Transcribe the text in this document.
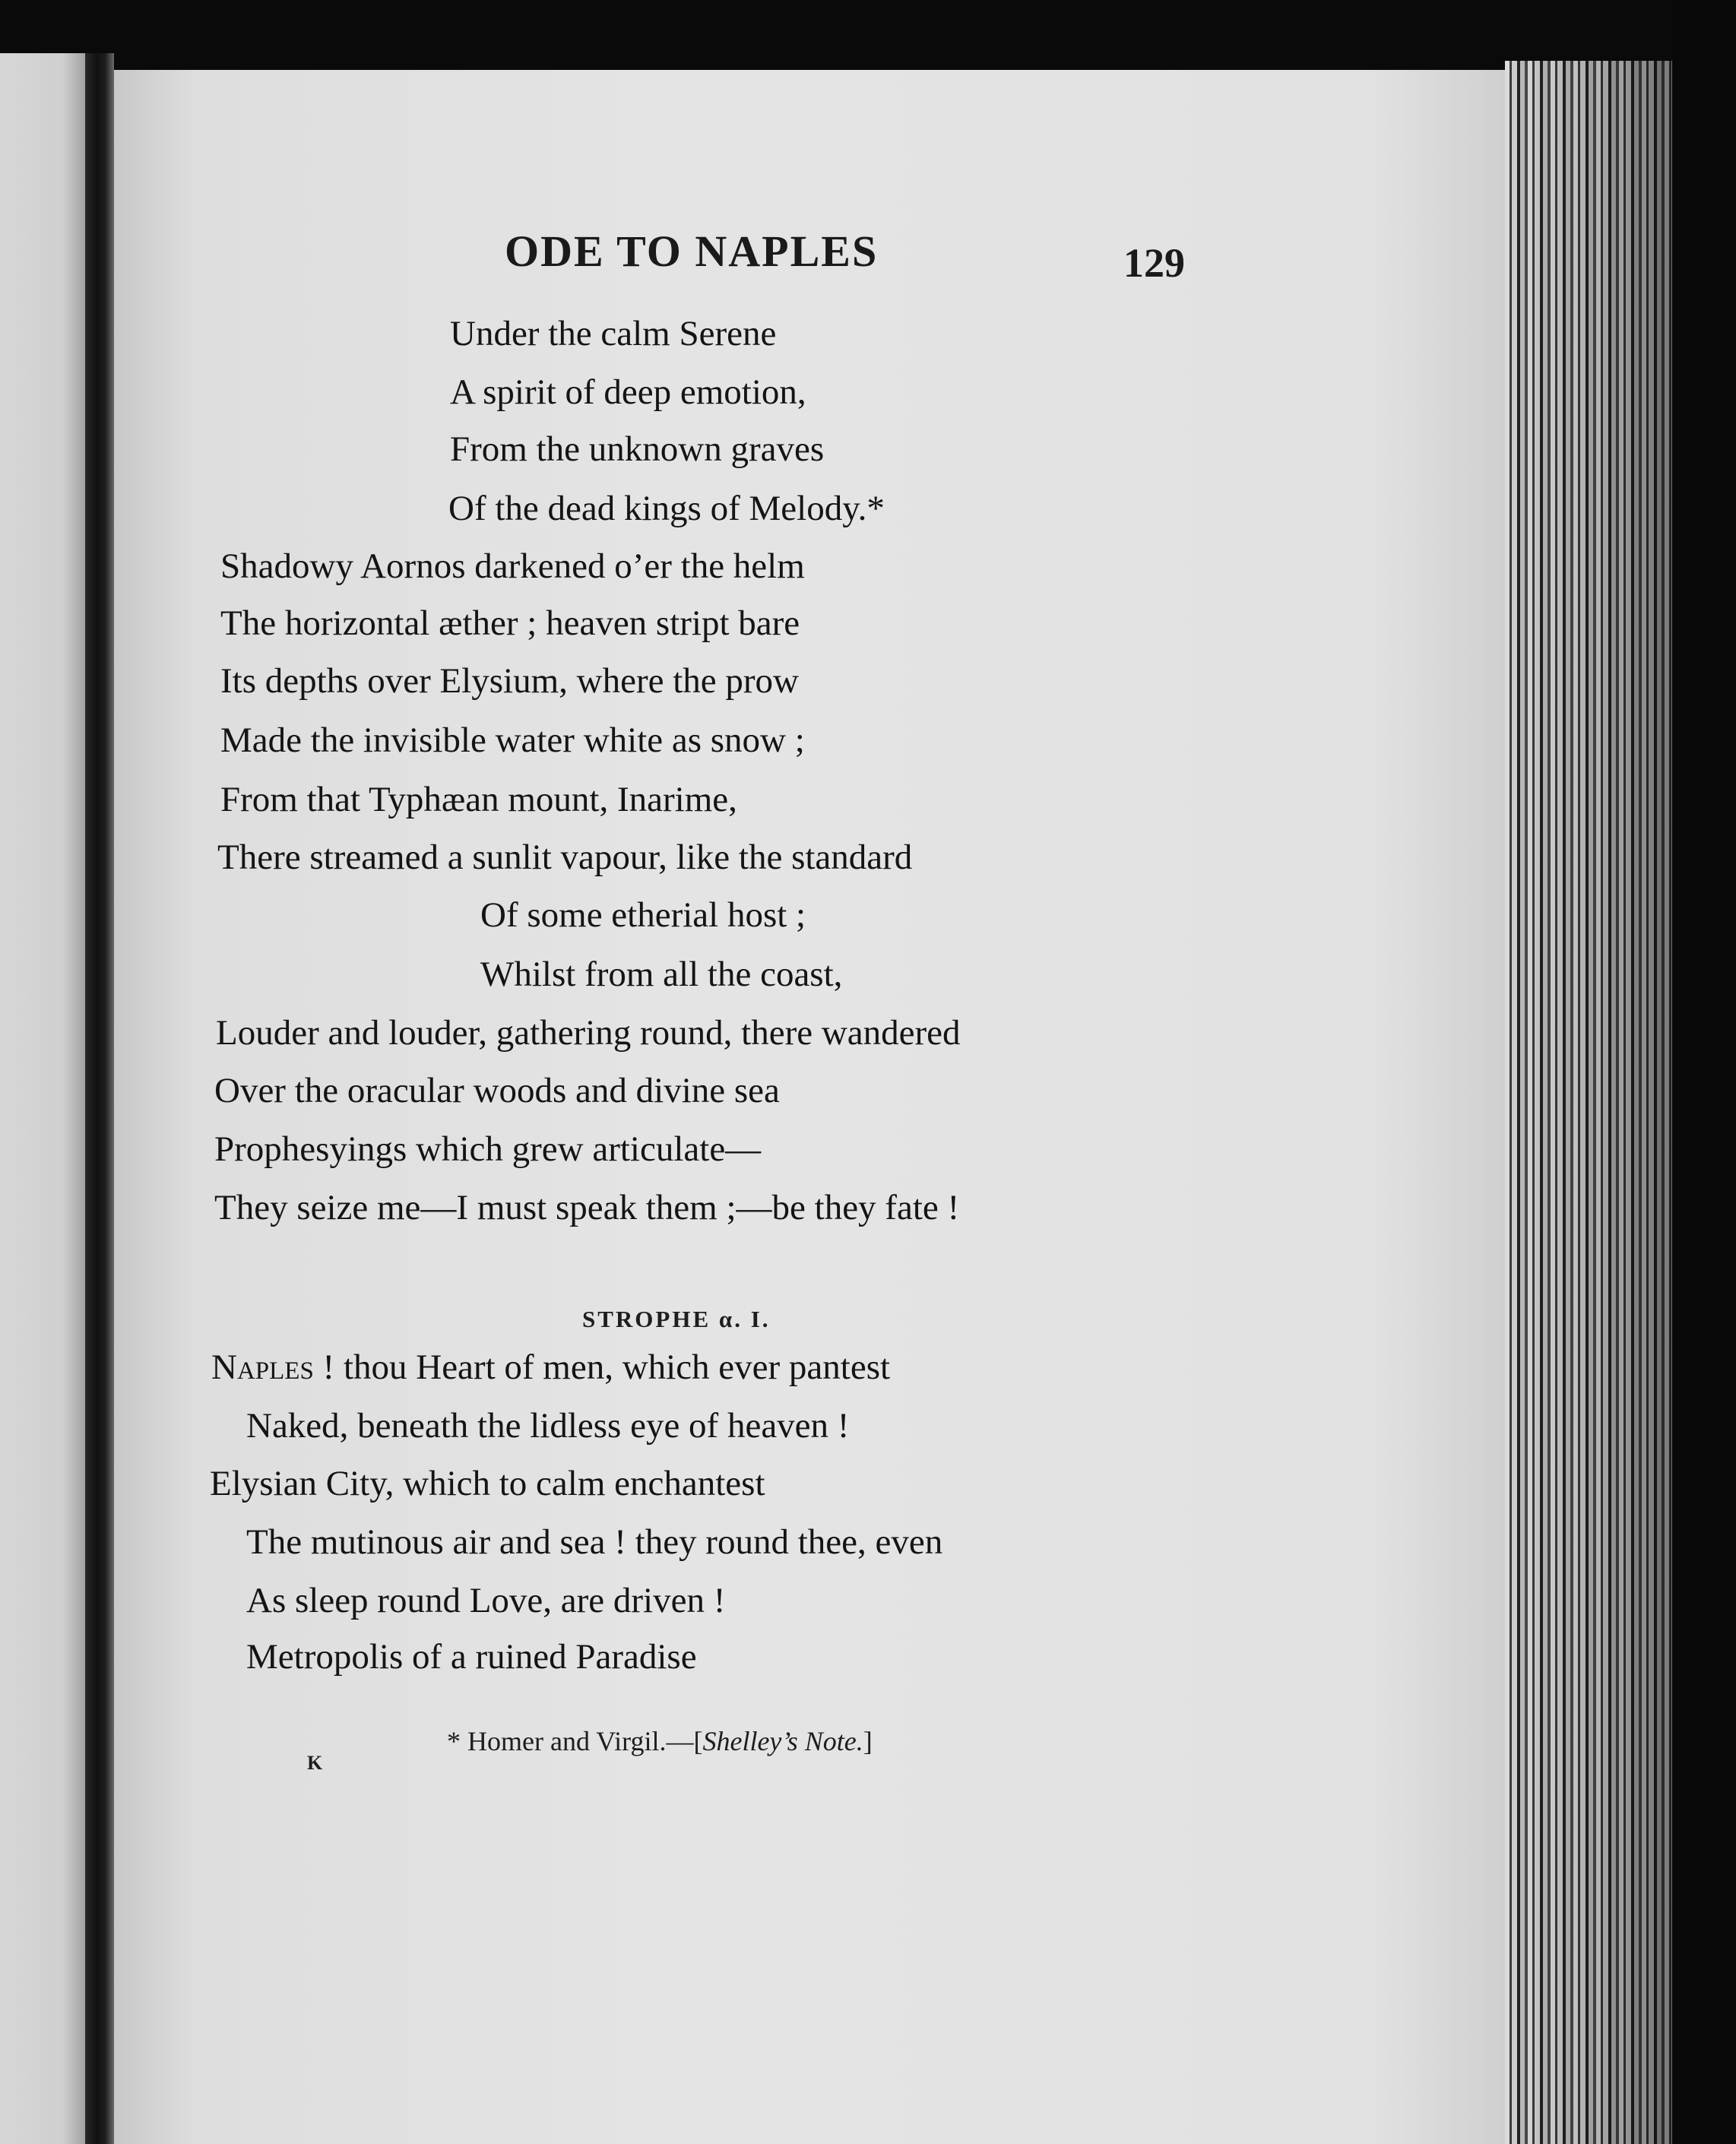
ODE TO NAPLES	129

Under the calm Serene

A spirit of deep emotion,

From the unknown graves

Of the dead kings of Melody.*

Shadowy Aornos darkened o’er the helm

The horizontal æther ; heaven stript bare

Its depths over Elysium, where the prow

Made the invisible water white as snow ;

From that Typhæan mount, Inarime,

There streamed a sunlit vapour, like the standard

Of some etherial host ;

Whilst from all the coast,

Louder and louder, gathering round, there wandered

Over the oracular woods and divine sea

Prophesyings which grew articulate—

They seize me—I must speak them ;—be they fate !

STROPHE α. I.

Naples ! thou Heart of men, which ever pantest

Naked, beneath the lidless eye of heaven !

Elysian City, which to calm enchantest

The mutinous air and sea ! they round thee, even

As sleep round Love, are driven !

Metropolis of a ruined Paradise

* Homer and Virgil.—[Shelley’s Note.]

K
